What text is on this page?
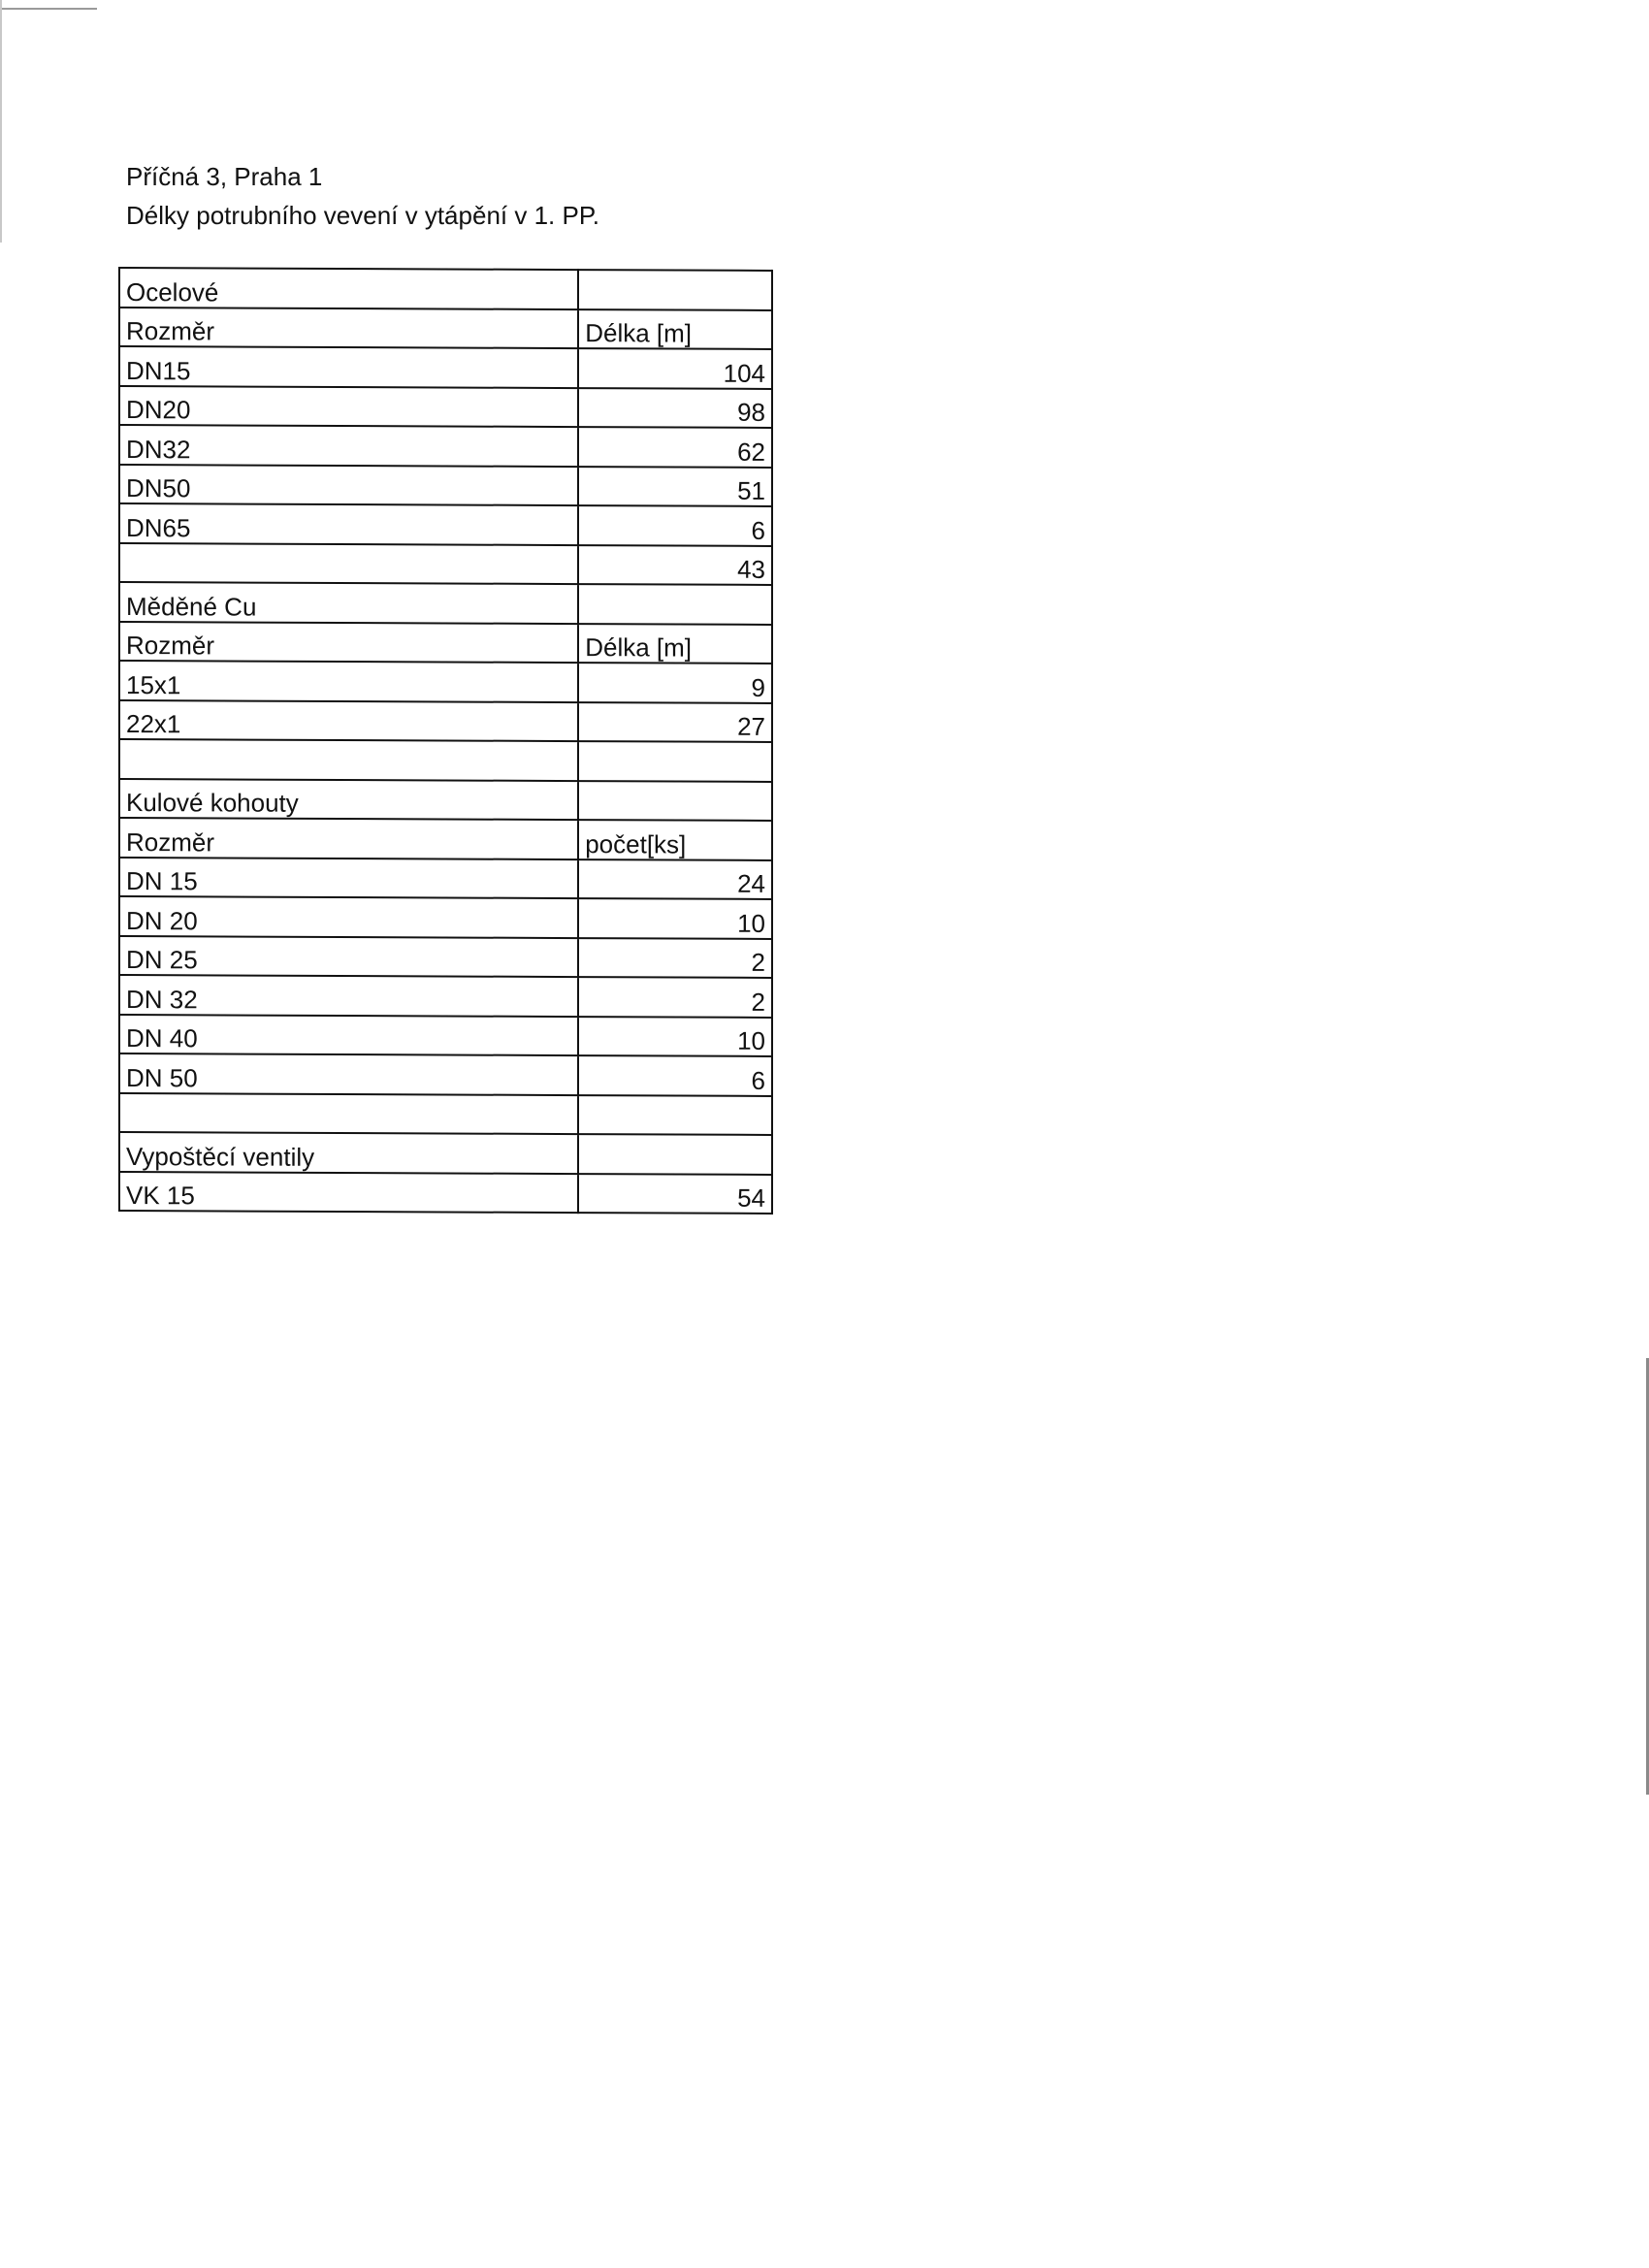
Příčná 3, Praha 1
Délky potrubního vevení v ytápění v 1. PP.
Ocelové	
Rozměr	Délka [m]
DN15	104
DN20	98
DN32	62
DN50	51
DN65	6
	43
Měděné Cu	
Rozměr	Délka [m]
15x1	9
22x1	27

Kulové kohouty	
Rozměr	počet[ks]
DN 15	24
DN 20	10
DN 25	2
DN 32	2
DN 40	10
DN 50	6

Vypoštěcí ventily	
VK 15	54
